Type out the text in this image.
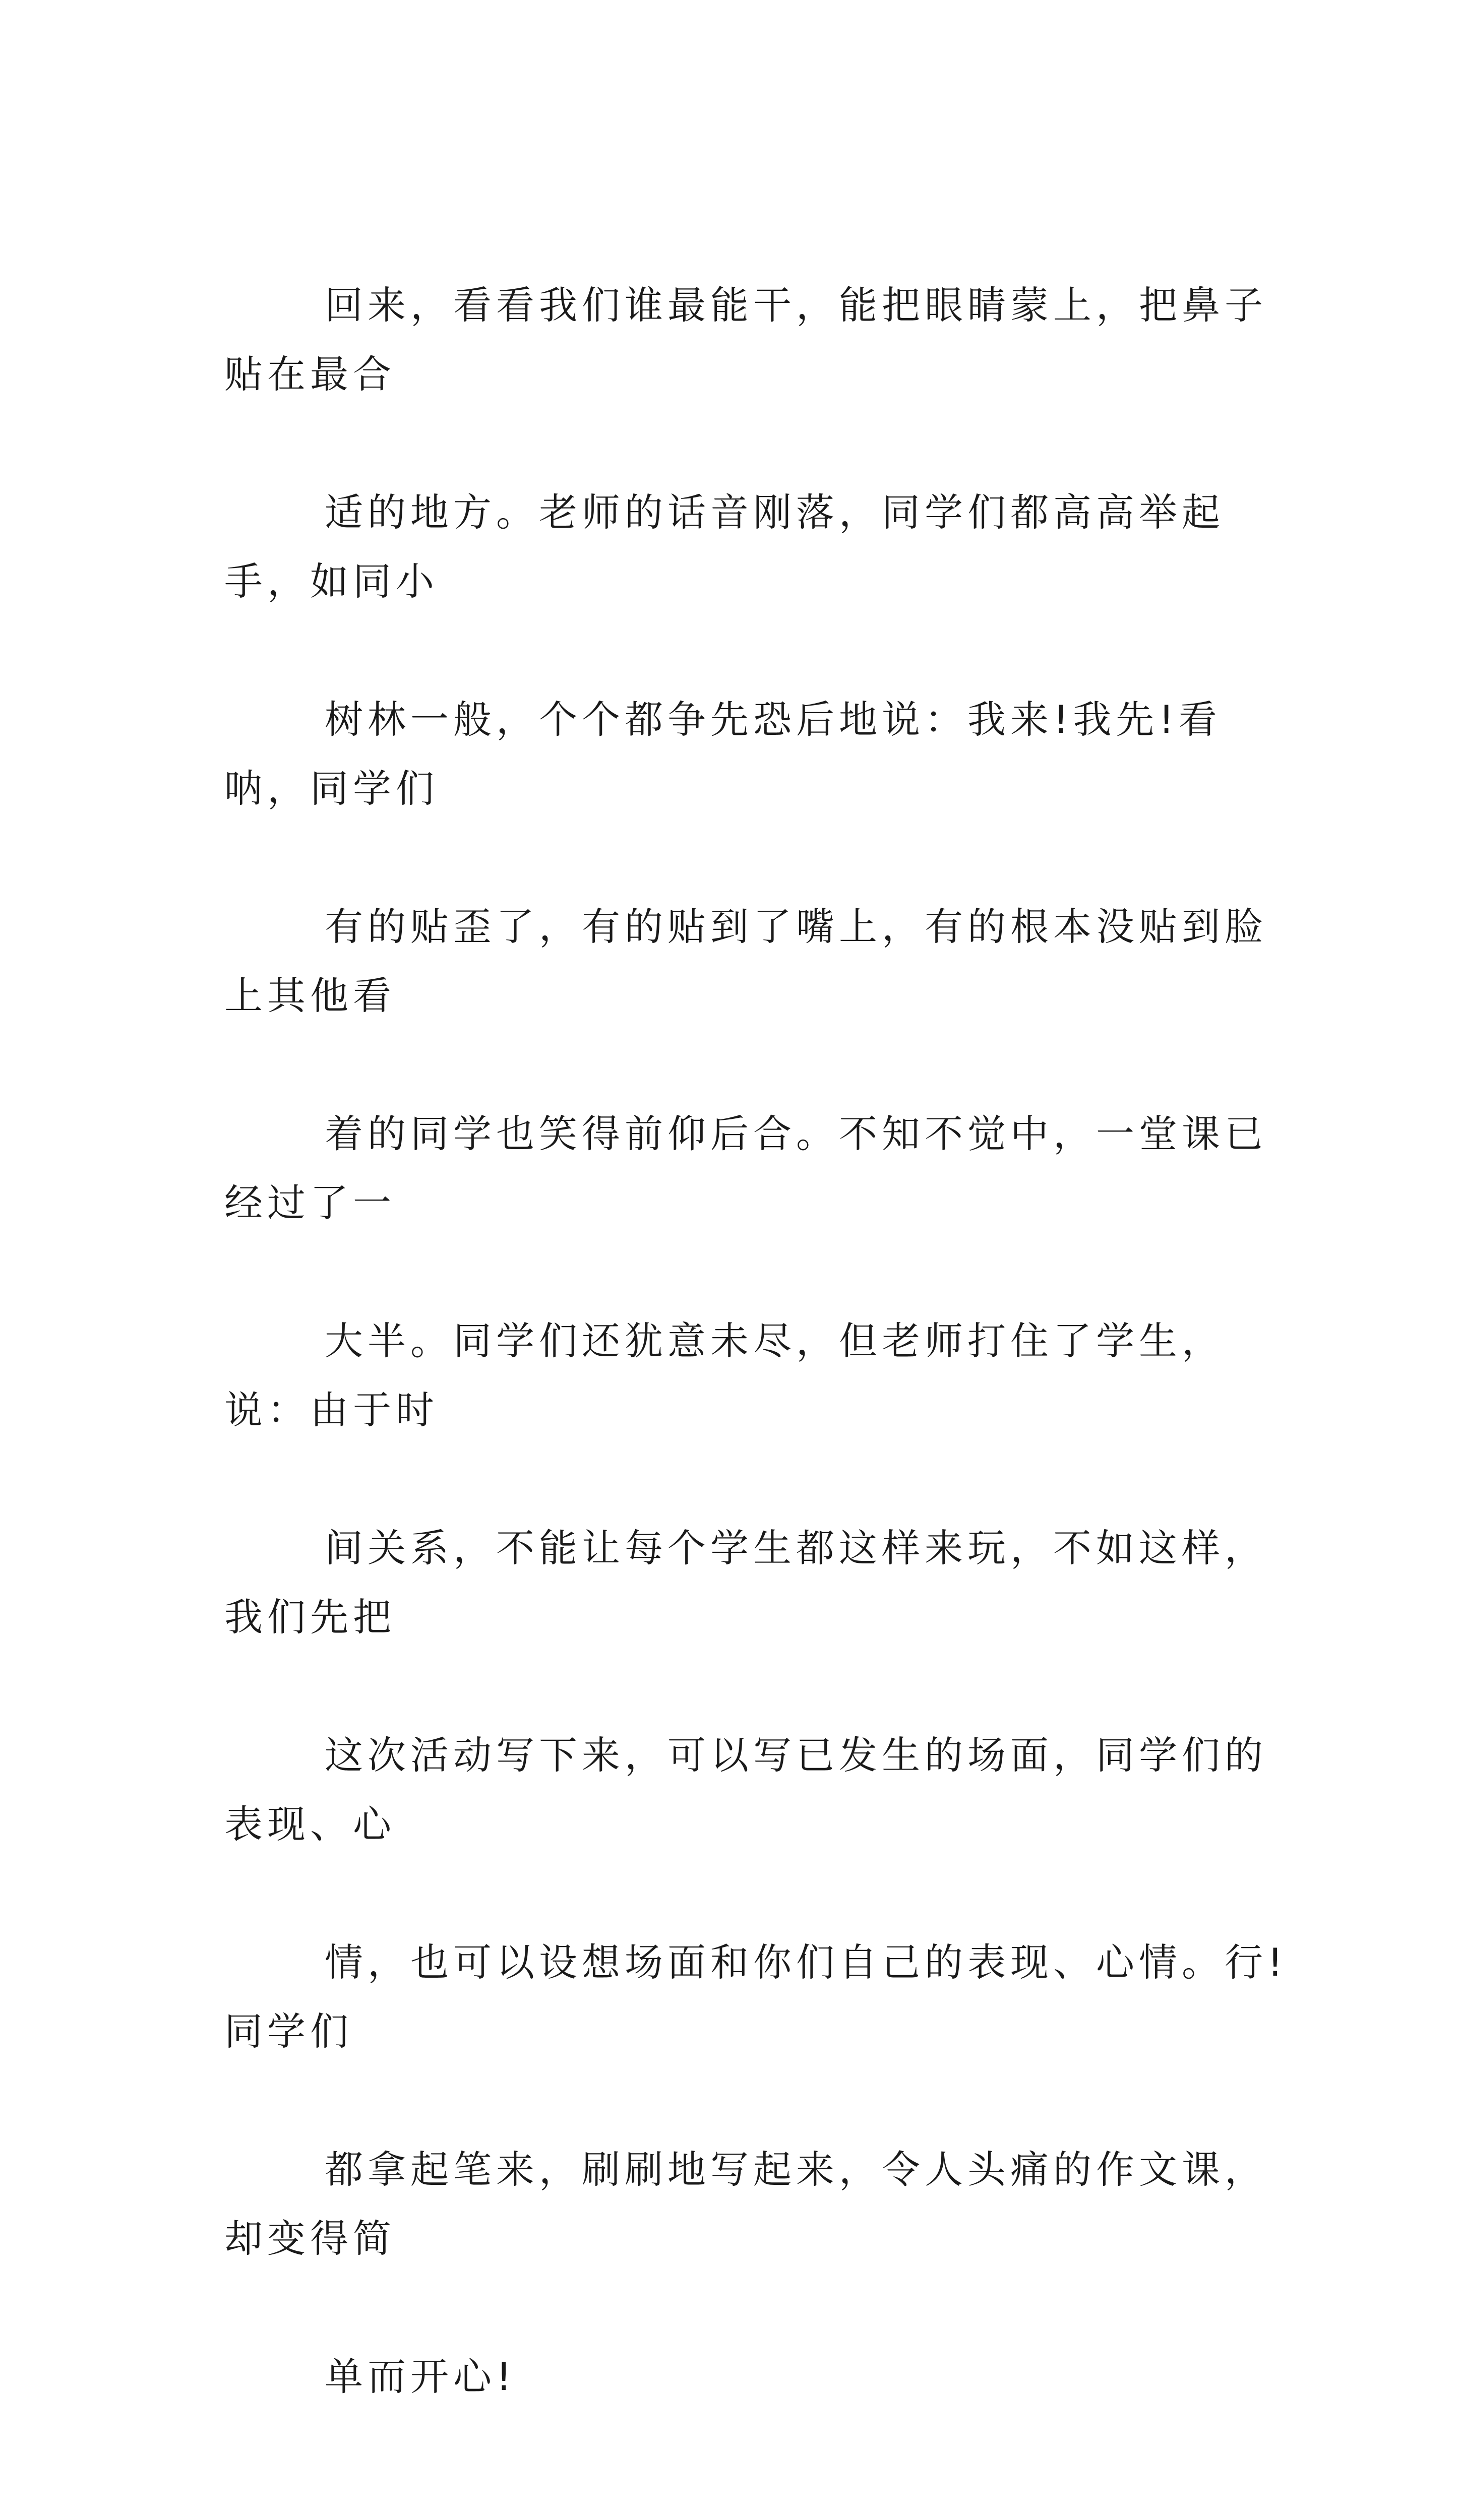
回来，看看我们谁最能干，能把眼睛蒙上，把鼻子贴在最合

适的地方。老师的话音刚落，同学们都高高举起手，如同小

树林一般，个个都争先恐后地说：我来!我先!看呐，同学们

有的贴歪了，有的贴到了嘴上，有的根本没贴到脸上其他看

着的同学也笑得前仰后合。不知不觉中，一堂课已经过了一

大半。同学们还犹意未尽，但老师打住了学生，说：由于时

间关系，不能让每个学生都这样来玩，不如这样，我们先把

这次活动写下来，可以写已发生的场面，同学们的表现、心

情，也可以设想场面和你们自己的表现、心情。行!同学们

都拿起笔来，刷刷地写起来，令人头痛的作文课，却变得简

单而开心!
